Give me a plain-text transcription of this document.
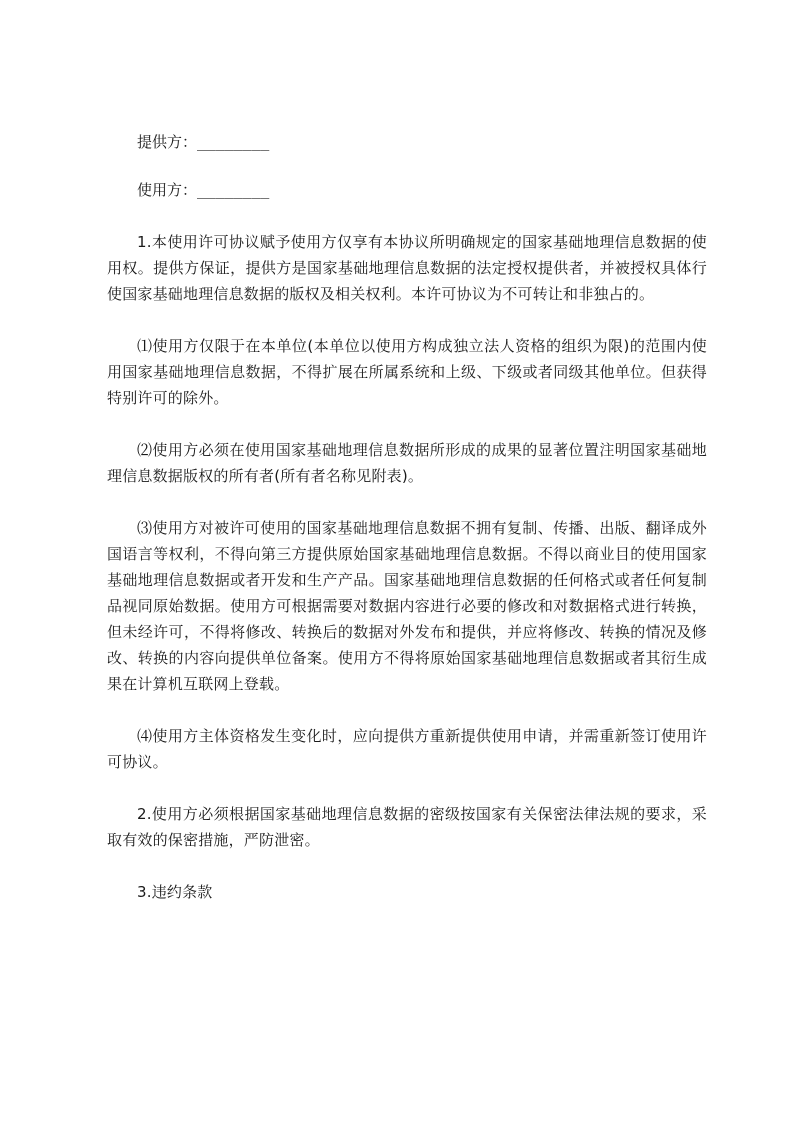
提供方：________

使用方：________

1.本使用许可协议赋予使用方仅享有本协议所明确规定的国家基础地理信息数据的使用权。提供方保证，提供方是国家基础地理信息数据的法定授权提供者，并被授权具体行使国家基础地理信息数据的版权及相关权利。本许可协议为不可转让和非独占的。

⑴使用方仅限于在本单位(本单位以使用方构成独立法人资格的组织为限)的范围内使用国家基础地理信息数据，不得扩展在所属系统和上级、下级或者同级其他单位。但获得特别许可的除外。

⑵使用方必须在使用国家基础地理信息数据所形成的成果的显著位置注明国家基础地理信息数据版权的所有者(所有者名称见附表)。

⑶使用方对被许可使用的国家基础地理信息数据不拥有复制、传播、出版、翻译成外国语言等权利，不得向第三方提供原始国家基础地理信息数据。不得以商业目的使用国家基础地理信息数据或者开发和生产产品。国家基础地理信息数据的任何格式或者任何复制品视同原始数据。使用方可根据需要对数据内容进行必要的修改和对数据格式进行转换，但未经许可，不得将修改、转换后的数据对外发布和提供，并应将修改、转换的情况及修改、转换的内容向提供单位备案。使用方不得将原始国家基础地理信息数据或者其衍生成果在计算机互联网上登载。

⑷使用方主体资格发生变化时，应向提供方重新提供使用申请，并需重新签订使用许可协议。

2.使用方必须根据国家基础地理信息数据的密级按国家有关保密法律法规的要求，采取有效的保密措施，严防泄密。

3.违约条款
